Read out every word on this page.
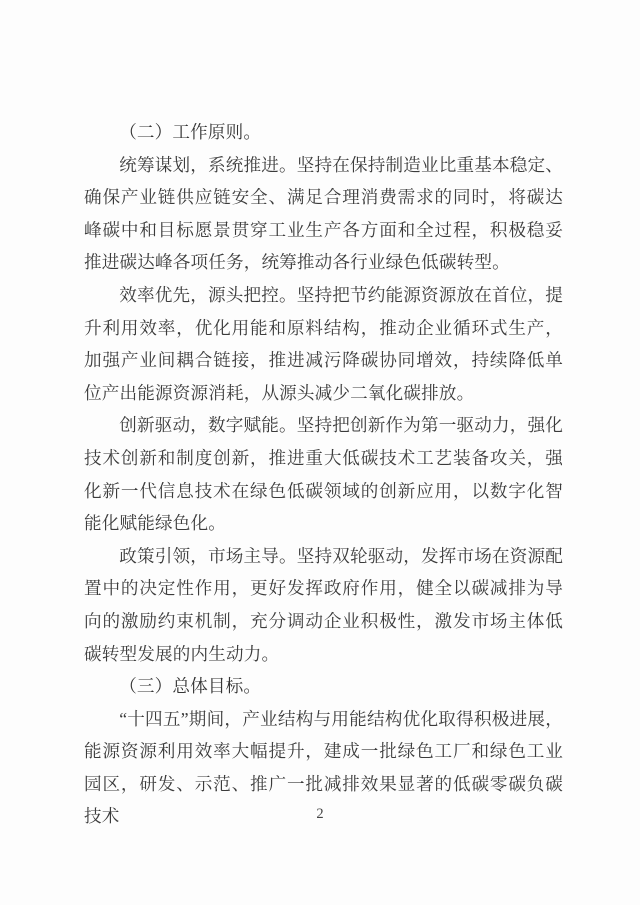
（二）工作原则。

统筹谋划，系统推进。坚持在保持制造业比重基本稳定、确保产业链供应链安全、满足合理消费需求的同时，将碳达峰碳中和目标愿景贯穿工业生产各方面和全过程，积极稳妥推进碳达峰各项任务，统筹推动各行业绿色低碳转型。

效率优先，源头把控。坚持把节约能源资源放在首位，提升利用效率，优化用能和原料结构，推动企业循环式生产，加强产业间耦合链接，推进减污降碳协同增效，持续降低单位产出能源资源消耗，从源头减少二氧化碳排放。

创新驱动，数字赋能。坚持把创新作为第一驱动力，强化技术创新和制度创新，推进重大低碳技术工艺装备攻关，强化新一代信息技术在绿色低碳领域的创新应用，以数字化智能化赋能绿色化。

政策引领，市场主导。坚持双轮驱动，发挥市场在资源配置中的决定性作用，更好发挥政府作用，健全以碳减排为导向的激励约束机制，充分调动企业积极性，激发市场主体低碳转型发展的内生动力。

（三）总体目标。

“十四五”期间，产业结构与用能结构优化取得积极进展，能源资源利用效率大幅提升，建成一批绿色工厂和绿色工业园区，研发、示范、推广一批减排效果显著的低碳零碳负碳技术	2
